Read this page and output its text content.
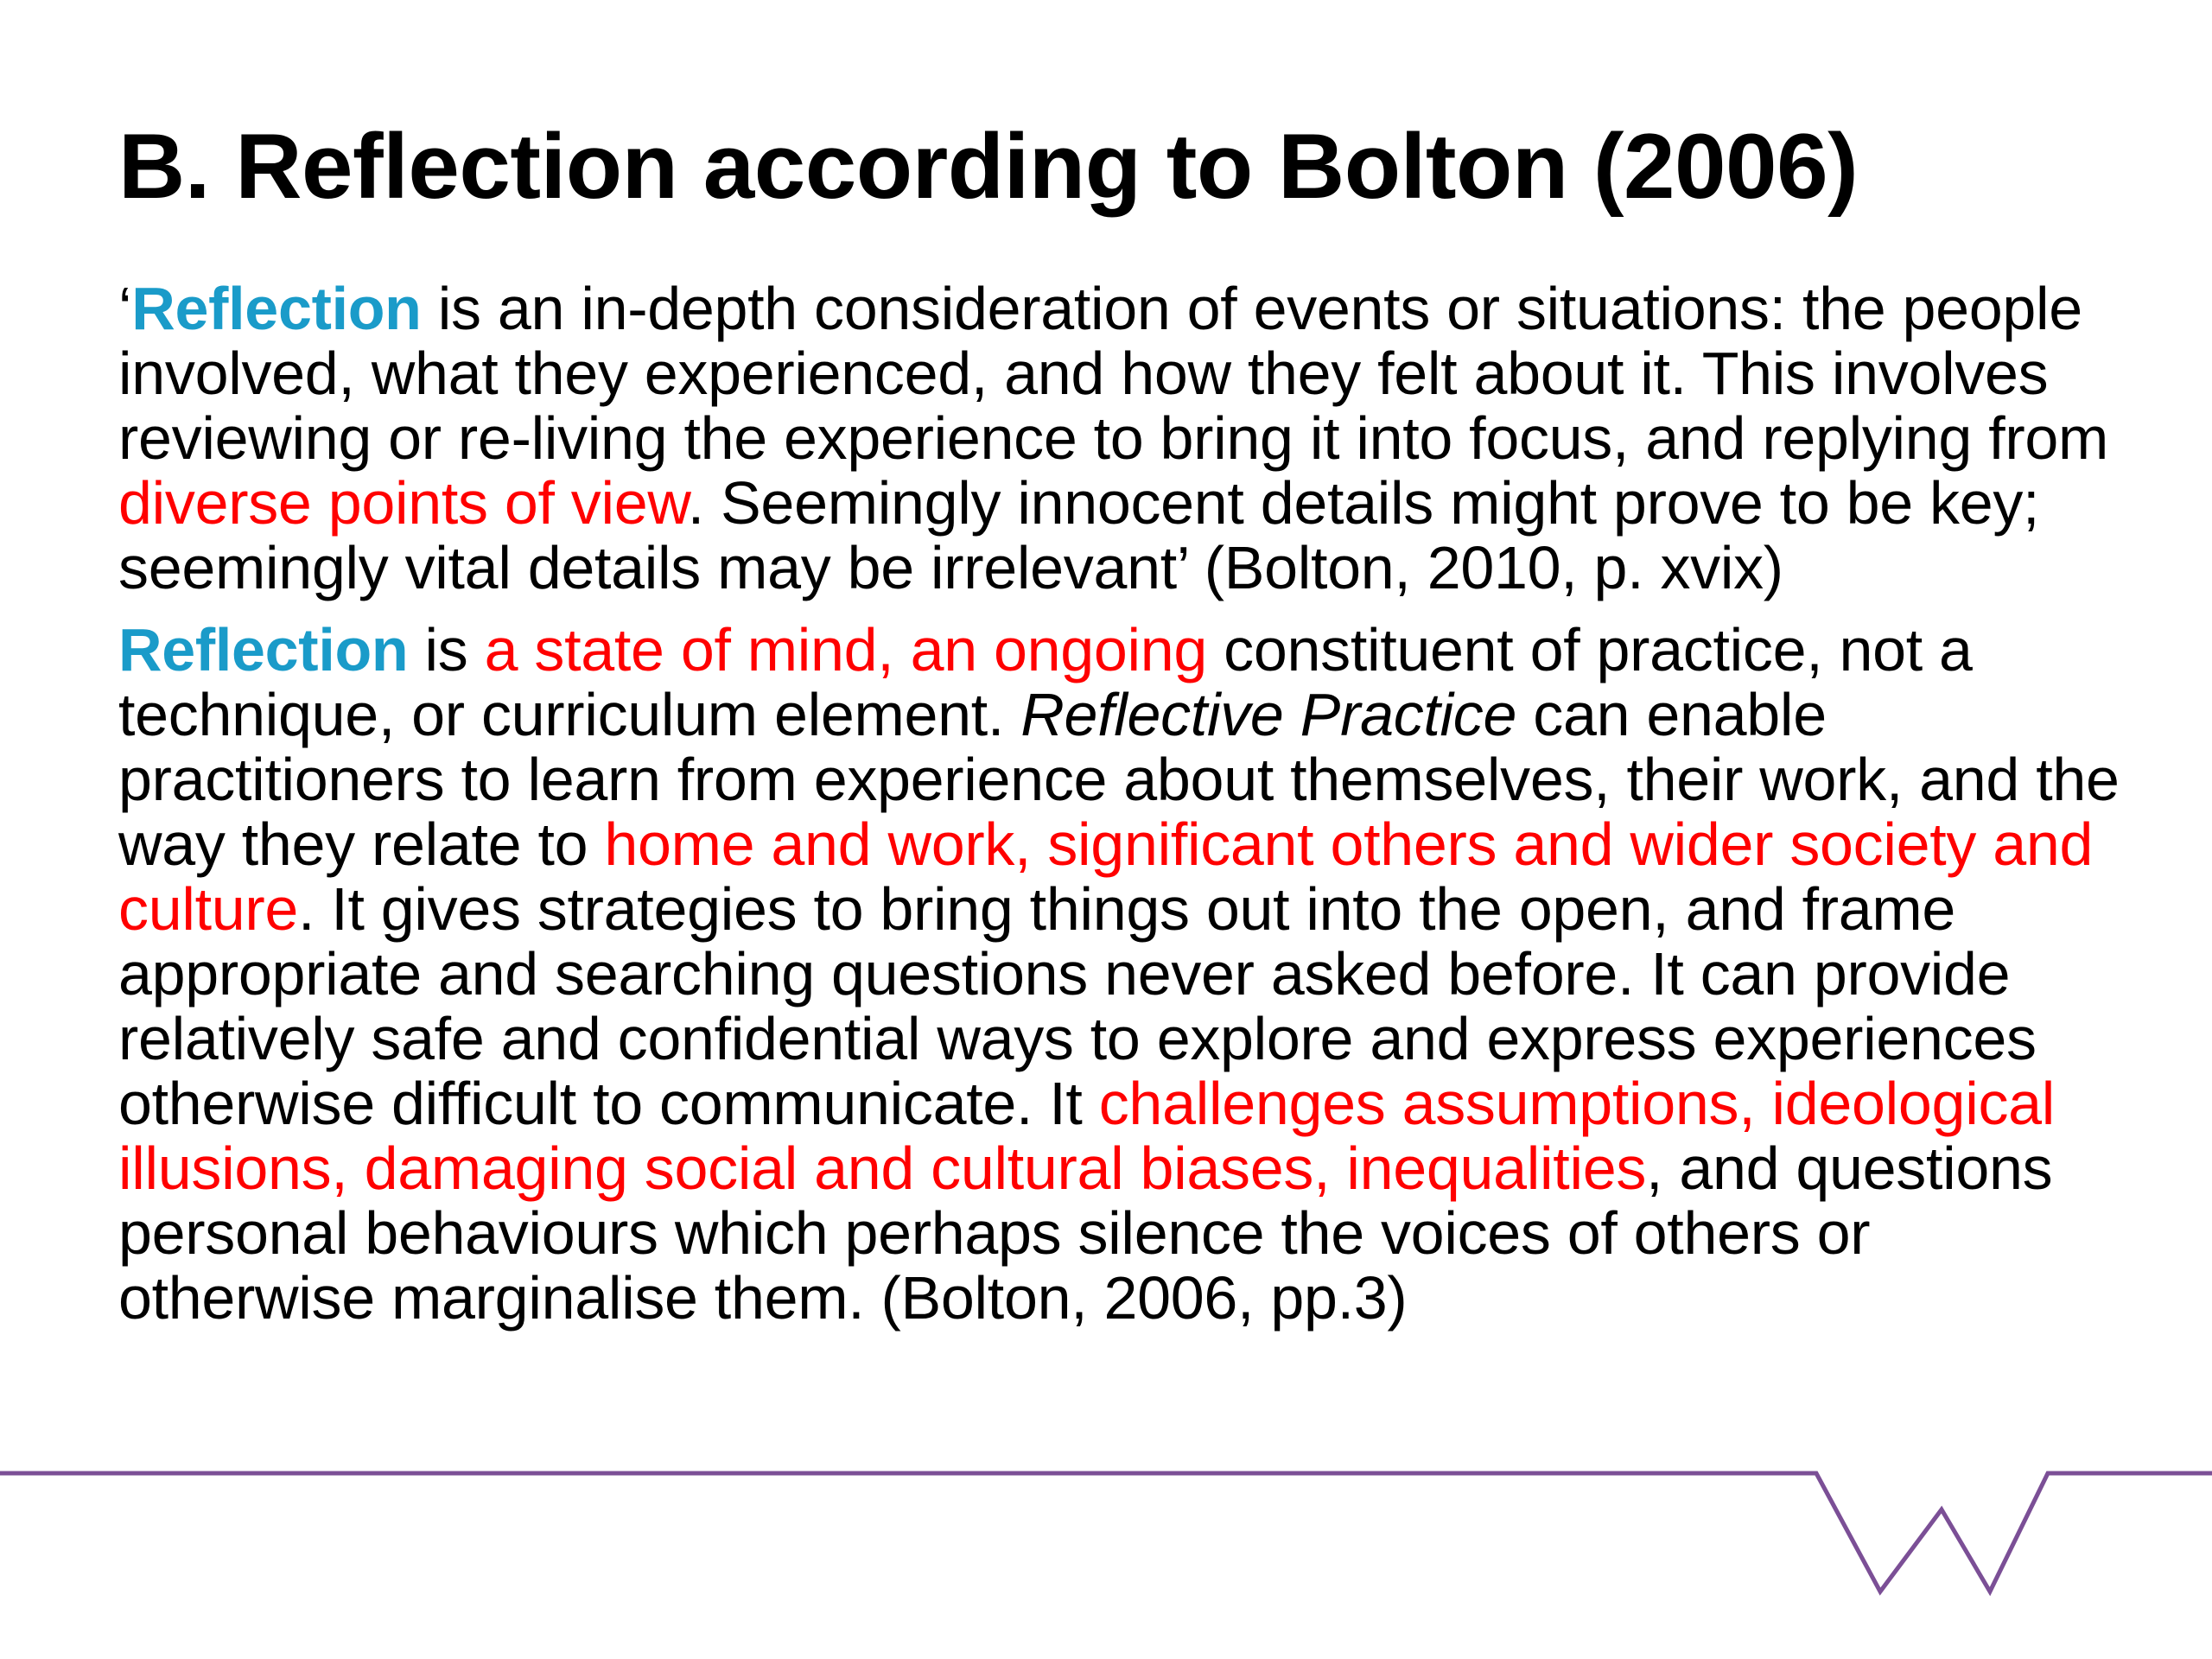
B. Reflection according to Bolton (2006)

‘Reflection is an in-depth consideration of events or situations: the people involved, what they experienced, and how they felt about it. This involves reviewing or re-living the experience to bring it into focus, and replying from diverse points of view. Seemingly innocent details might prove to be key; seemingly vital details may be irrelevant’ (Bolton, 2010, p. xvix)

Reflection is a state of mind, an ongoing constituent of practice, not a technique, or curriculum element. Reflective Practice can enable practitioners to learn from experience about themselves, their work, and the way they relate to home and work, significant others and wider society and culture. It gives strategies to bring things out into the open, and frame appropriate and searching questions never asked before. It can provide relatively safe and confidential ways to explore and express experiences otherwise difficult to communicate. It challenges assumptions, ideological illusions, damaging social and cultural biases, inequalities, and questions personal behaviours which perhaps silence the voices of others or otherwise marginalise them. (Bolton, 2006, pp.3)
